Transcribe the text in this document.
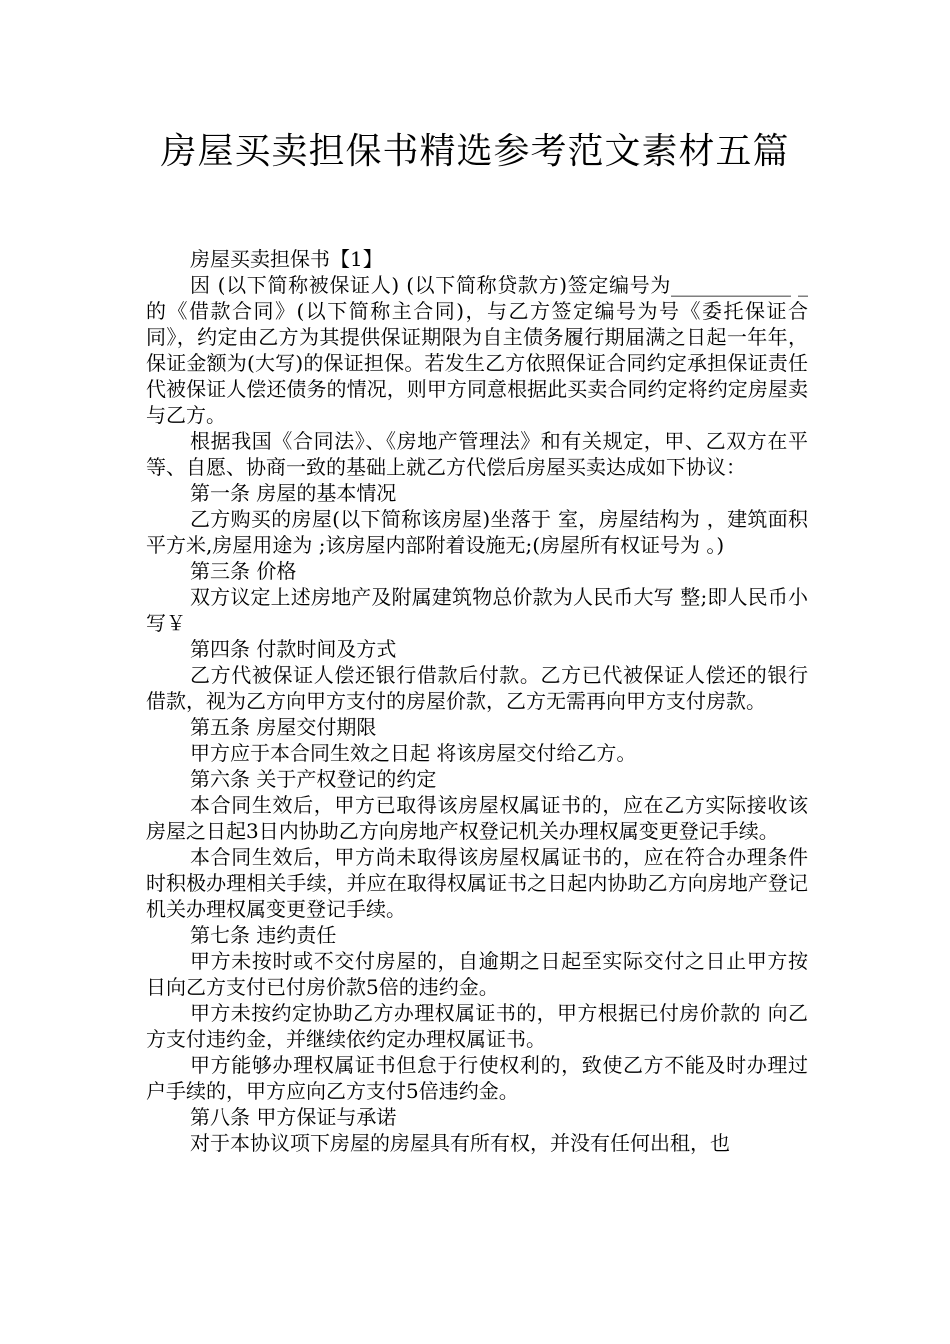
房屋买卖担保书精选参考范文素材五篇

房屋买卖担保书【1】

因 (以下简称被保证人) (以下简称贷款方)签定编号为____________ _的《借款合同》(以下简称主合同)，与乙方签定编号为号《委托保证合同》，约定由乙方为其提供保证期限为自主债务履行期届满之日起一年年，保证金额为(大写)的保证担保。若发生乙方依照保证合同约定承担保证责任代被保证人偿还债务的情况，则甲方同意根据此买卖合同约定将约定房屋卖与乙方。

根据我国《合同法》、《房地产管理法》和有关规定，甲、乙双方在平等、自愿、协商一致的基础上就乙方代偿后房屋买卖达成如下协议：

第一条 房屋的基本情况

乙方购买的房屋(以下简称该房屋)坐落于 室，房屋结构为 ，建筑面积 平方米,房屋用途为 ;该房屋内部附着设施无;(房屋所有权证号为 。)

第三条 价格

双方议定上述房地产及附属建筑物总价款为人民币大写 整;即人民币小写￥

第四条 付款时间及方式

乙方代被保证人偿还银行借款后付款。乙方已代被保证人偿还的银行借款，视为乙方向甲方支付的房屋价款，乙方无需再向甲方支付房款。

第五条 房屋交付期限

甲方应于本合同生效之日起 将该房屋交付给乙方。

第六条 关于产权登记的约定

本合同生效后，甲方已取得该房屋权属证书的，应在乙方实际接收该房屋之日起3日内协助乙方向房地产权登记机关办理权属变更登记手续。

本合同生效后，甲方尚未取得该房屋权属证书的，应在符合办理条件时积极办理相关手续，并应在取得权属证书之日起内协助乙方向房地产登记机关办理权属变更登记手续。

第七条 违约责任

甲方未按时或不交付房屋的，自逾期之日起至实际交付之日止甲方按日向乙方支付已付房价款5倍的违约金。

甲方未按约定协助乙方办理权属证书的，甲方根据已付房价款的 向乙方支付违约金，并继续依约定办理权属证书。

甲方能够办理权属证书但怠于行使权利的，致使乙方不能及时办理过户手续的，甲方应向乙方支付5倍违约金。

第八条 甲方保证与承诺

对于本协议项下房屋的房屋具有所有权，并没有任何出租，也
